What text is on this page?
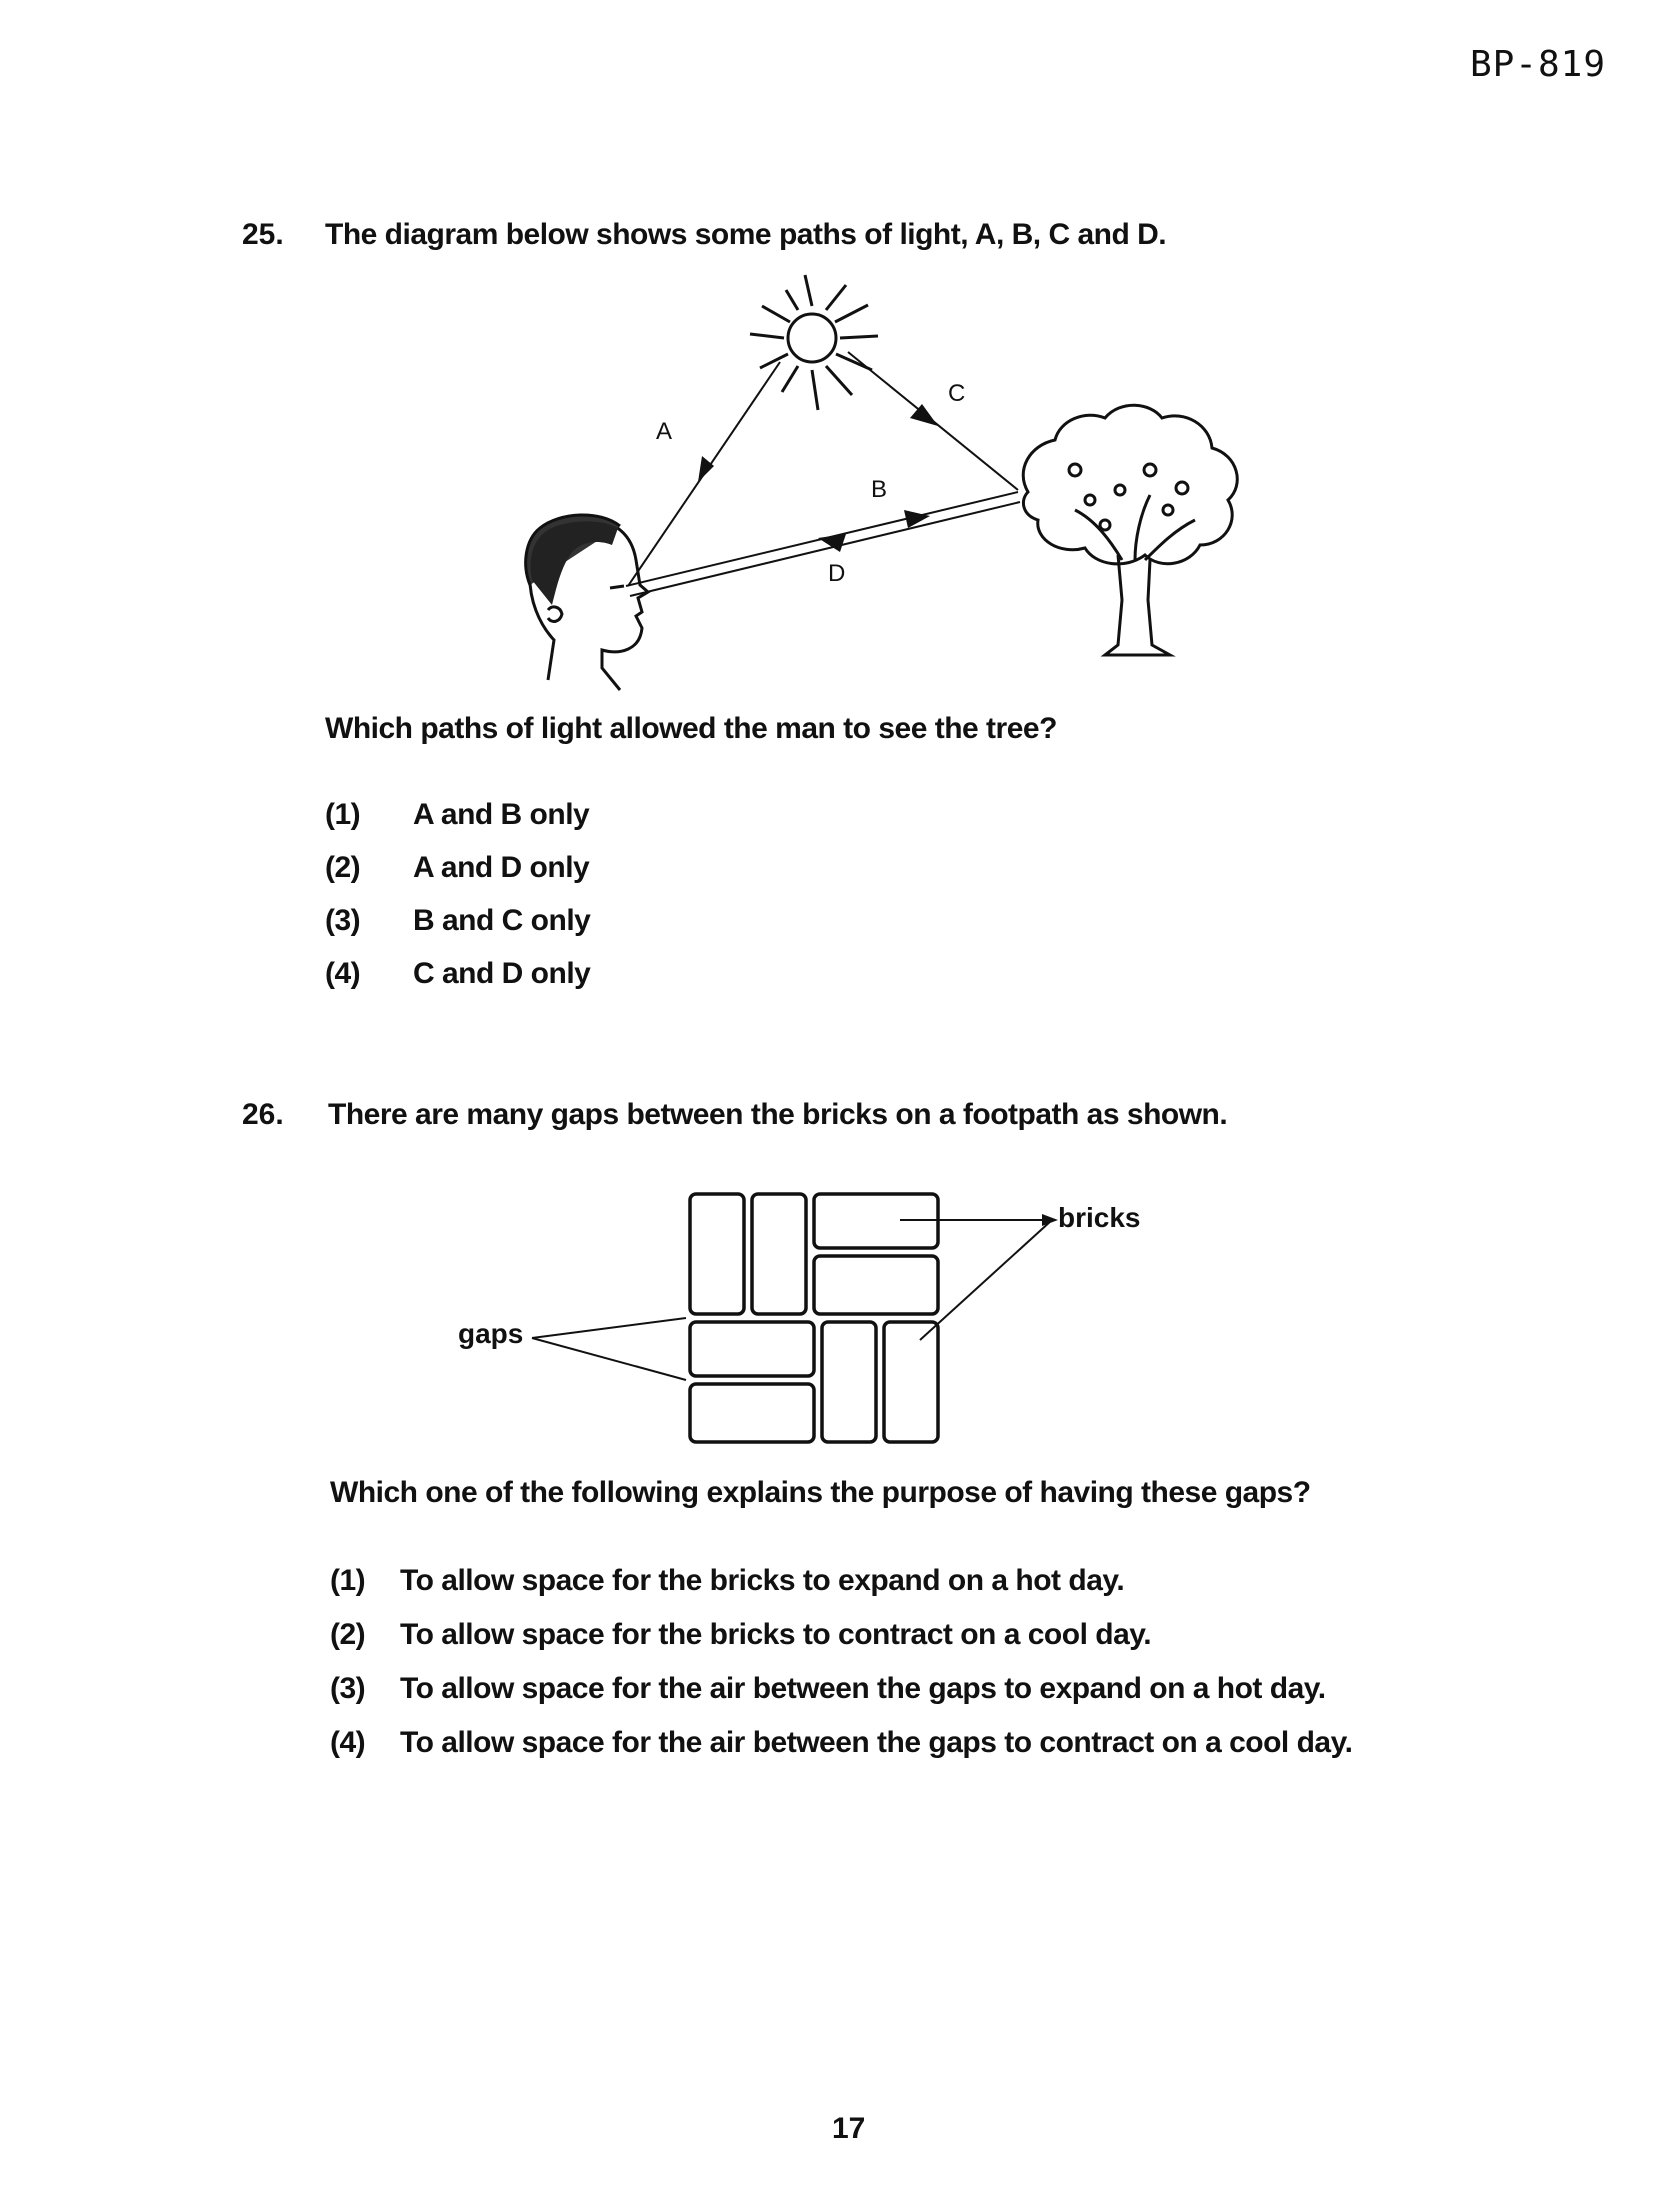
BP-819
25. The diagram below shows some paths of light, A, B, C and D.
A
C
B
D
Which paths of light allowed the man to see the tree?
(1) A and B only
(2) A and D only
(3) B and C only
(4) C and D only
26. There are many gaps between the bricks on a footpath as shown.
bricks
gaps
Which one of the following explains the purpose of having these gaps?
(1) To allow space for the bricks to expand on a hot day.
(2) To allow space for the bricks to contract on a cool day.
(3) To allow space for the air between the gaps to expand on a hot day.
(4) To allow space for the air between the gaps to contract on a cool day.
17
